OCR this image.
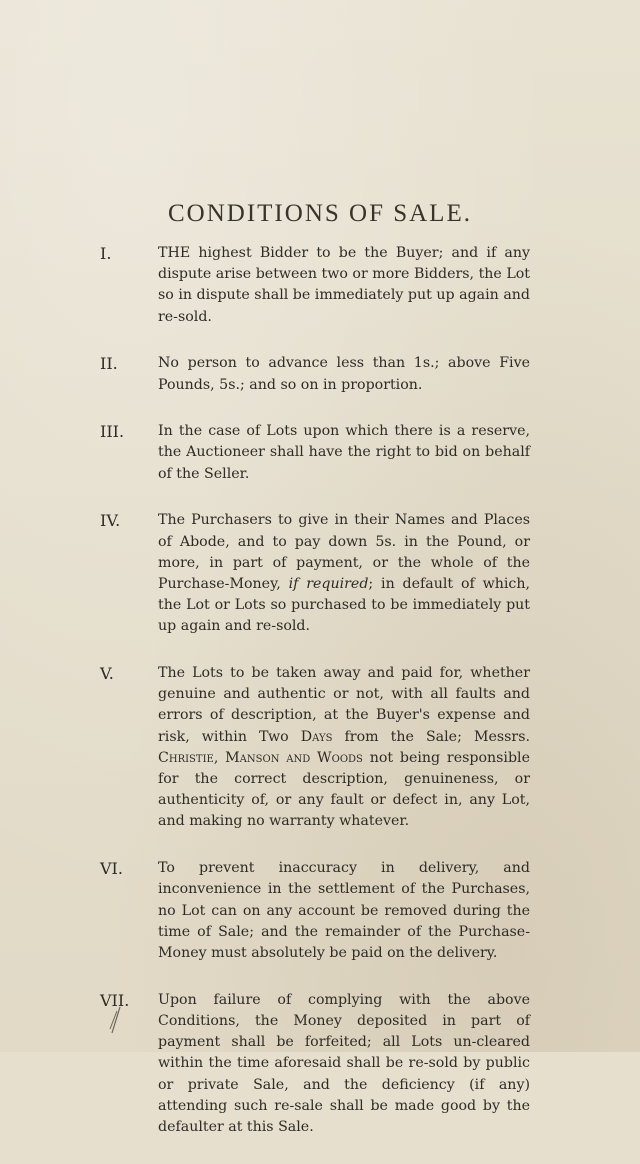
CONDITIONS OF SALE.
I.	THE highest Bidder to be the Buyer; and if any dispute arise between two or more Bidders, the Lot so in dispute shall be immediately put up again and re-sold.
II.	No person to advance less than 1s.; above Five Pounds, 5s.; and so on in proportion.
III.	In the case of Lots upon which there is a reserve, the Auctioneer shall have the right to bid on behalf of the Seller.
IV.	The Purchasers to give in their Names and Places of Abode, and to pay down 5s. in the Pound, or more, in part of payment, or the whole of the Purchase-Money, if required; in default of which, the Lot or Lots so purchased to be immediately put up again and re-sold.
V.	The Lots to be taken away and paid for, whether genuine and authentic or not, with all faults and errors of description, at the Buyer's expense and risk, within Two Days from the Sale; Messrs. Christie, Manson and Woods not being responsible for the correct description, genuineness, or authenticity of, or any fault or defect in, any Lot, and making no warranty whatever.
VI.	To prevent inaccuracy in delivery, and inconvenience in the settlement of the Purchases, no Lot can on any account be removed during the time of Sale; and the remainder of the Purchase-Money must absolutely be paid on the delivery.
VII.	Upon failure of complying with the above Conditions, the Money deposited in part of payment shall be forfeited; all Lots un-cleared within the time aforesaid shall be re-sold by public or private Sale, and the deficiency (if any) attending such re-sale shall be made good by the defaulter at this Sale.
